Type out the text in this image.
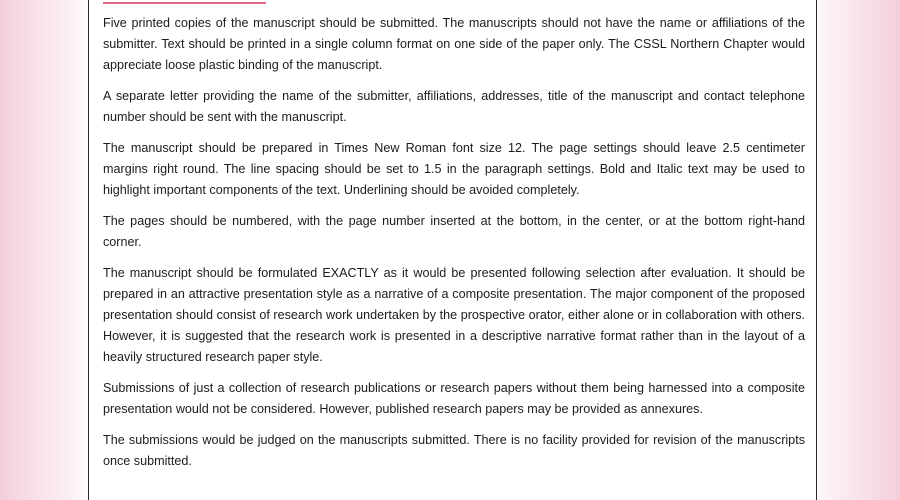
Five printed copies of the manuscript should be submitted. The manuscripts should not have the name or affiliations of the submitter. Text should be printed in a single column format on one side of the paper only. The CSSL Northern Chapter would appreciate loose plastic binding of the manuscript.

A separate letter providing the name of the submitter, affiliations, addresses, title of the manuscript and contact telephone number should be sent with the manuscript.

The manuscript should be prepared in Times New Roman font size 12. The page settings should leave 2.5 centimeter margins right round. The line spacing should be set to 1.5 in the paragraph settings. Bold and Italic text may be used to highlight important components of the text. Underlining should be avoided completely.

The pages should be numbered, with the page number inserted at the bottom, in the center, or at the bottom right-hand corner.

The manuscript should be formulated EXACTLY as it would be presented following selection after evaluation. It should be prepared in an attractive presentation style as a narrative of a composite presentation. The major component of the proposed presentation should consist of research work undertaken by the prospective orator, either alone or in collaboration with others. However, it is suggested that the research work is presented in a descriptive narrative format rather than in the layout of a heavily structured research paper style.

Submissions of just a collection of research publications or research papers without them being harnessed into a composite presentation would not be considered. However, published research papers may be provided as annexures.

The submissions would be judged on the manuscripts submitted. There is no facility provided for revision of the manuscripts once submitted.
